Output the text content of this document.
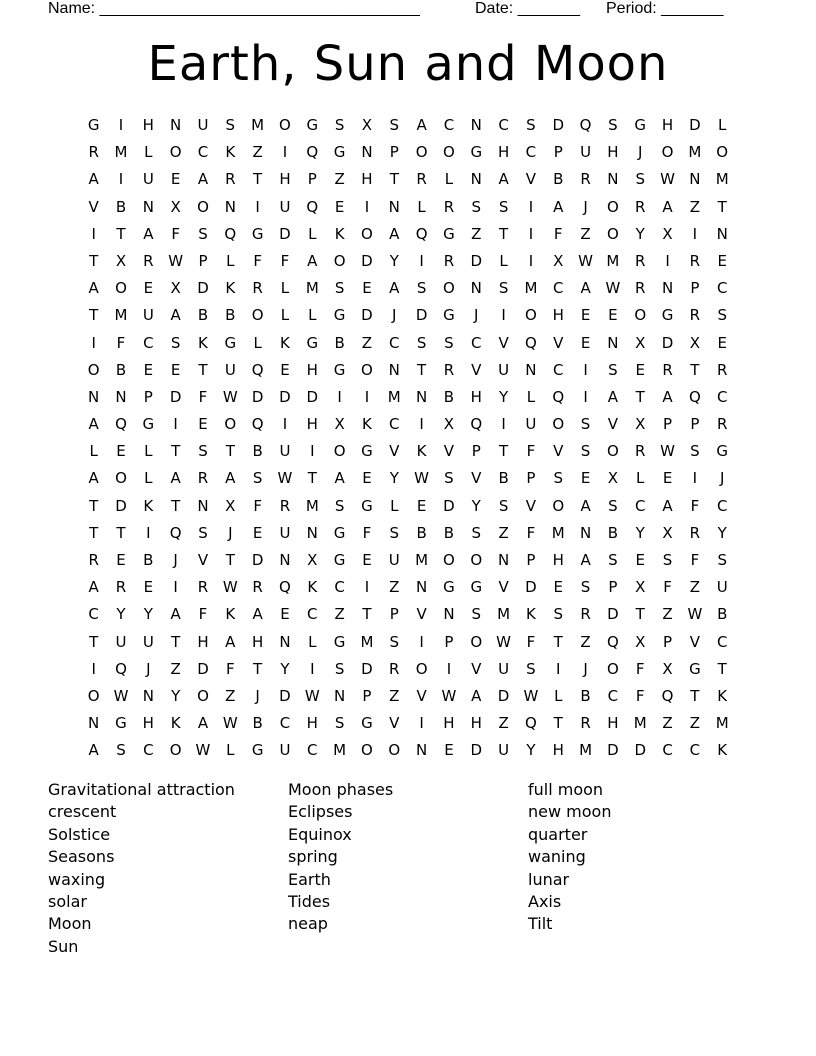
Name: ____________________________________	Date: _______ Period: _______
Earth, Sun and Moon
G	I	H	N	U	S	M O	G	S	X	S	A	C	N	C	S	D	Q	S	G	H	D	L
R	M	L	O	C	K	Z	I	Q	G	N	P	O	O	G	H	C	P	U	H	J	O M O
A	I	U	E	A	R	T	H	P	Z	H	T	R	L	N	A	V	B	R	N	S	W N	M
V	B	N	X	O	N	I	U	Q	E	I	N	L	R	S	S	I	A	J	O	R	A	Z	T
I	T	A	F	S	Q	G	D	L	K	O	A	Q	G	Z	T	I	F	Z	O	Y	X	I	N
T	X	R W	P	L	F	F	A	O	D	Y	I	R	D	L	I	X W M	R	I	R	E
A	O	E	X	D	K	R	L	M	S	E	A	S	O	N	S	M	C	A W R	N	P	C
T	M	U	A	B	B	O	L	L	G	D	J	D	G	J	I	O	H	E	E	O	G	R	S
I	F	C	S	K	G	L	K	G	B	Z	C	S	S	C	V	Q	V	E	N	X	D	X	E
O	B	E	E	T	U	Q	E	H	G	O	N	T	R	V	U	N	C	I	S	E	R	T	R
N	N	P	D	F	W D	D	D	I	I	M	N	B	H	Y	L	Q	I	A	T	A	Q	C
A	Q	G	I	E	O	Q	I	H	X	K	C	I	X	Q	I	U	O	S	V	X	P	P	R
L	E	L	T	S	T	B	U	I	O	G	V	K	V	P	T	F	V	S	O	R W	S	G
A	O	L	A	R	A	S	W	T	A	E	Y	W	S	V	B	P	S	E	X	L	E	I	J
T	D	K	T	N	X	F	R	M	S	G	L	E	D	Y	S	V	O	A	S	C	A	F	C
T	T	I	Q	S	J	E	U	N	G	F	S	B	B	S	Z	F	M	N	B	Y	X	R	Y
R	E	B	J	V	T	D	N	X	G	E	U	M O	O	N	P	H	A	S	E	S	F	S
A	R	E	I	R W R	Q	K	C	I	Z	N	G	G	V	D	E	S	P	X	F	Z	U
C	Y	Y	A	F	K	A	E	C	Z	T	P	V	N	S	M	K	S	R	D	T	Z W B
T	U	U	T	H	A	H	N	L	G	M	S	I	P	O W	F	T	Z	Q	X	P	V	C
I	Q	J	Z	D	F	T	Y	I	S	D	R	O	I	V	U	S	I	J	O	F	X	G	T
O W N	Y	O	Z	J	D W N	P	Z	V W A	D W	L	B	C	F	Q	T	K
N	G	H	K	A W B	C	H	S	G	V	I	H	H	Z	Q	T	R	H	M	Z	Z	M
A	S	C	O W	L	G	U	C	M O	O	N	E	D	U	Y	H	M	D	D	C	C	K
Gravitational attraction
crescent
Solstice
Seasons
waxing
solar
Moon
Sun
Moon phases
Eclipses
Equinox
spring
Earth
Tides
neap
full moon
new moon
quarter
waning
lunar
Axis
Tilt
